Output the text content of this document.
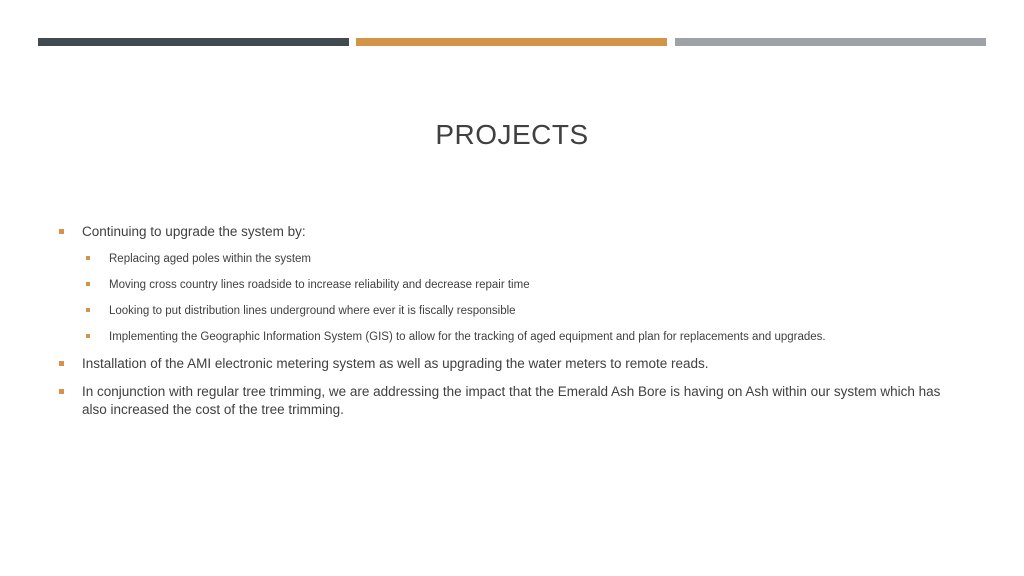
PROJECTS
Continuing to upgrade the system by:
Replacing aged poles within the system
Moving cross country lines roadside to increase reliability and decrease repair time
Looking to put distribution lines underground where ever it is fiscally responsible
Implementing the Geographic Information System (GIS) to allow for the tracking of aged equipment and plan for replacements and upgrades.
Installation of the AMI electronic metering system as well as upgrading the water meters to remote reads.
In conjunction with regular tree trimming, we are addressing the impact that the Emerald Ash Bore is having on Ash within our system which has also increased the cost of the tree trimming.
